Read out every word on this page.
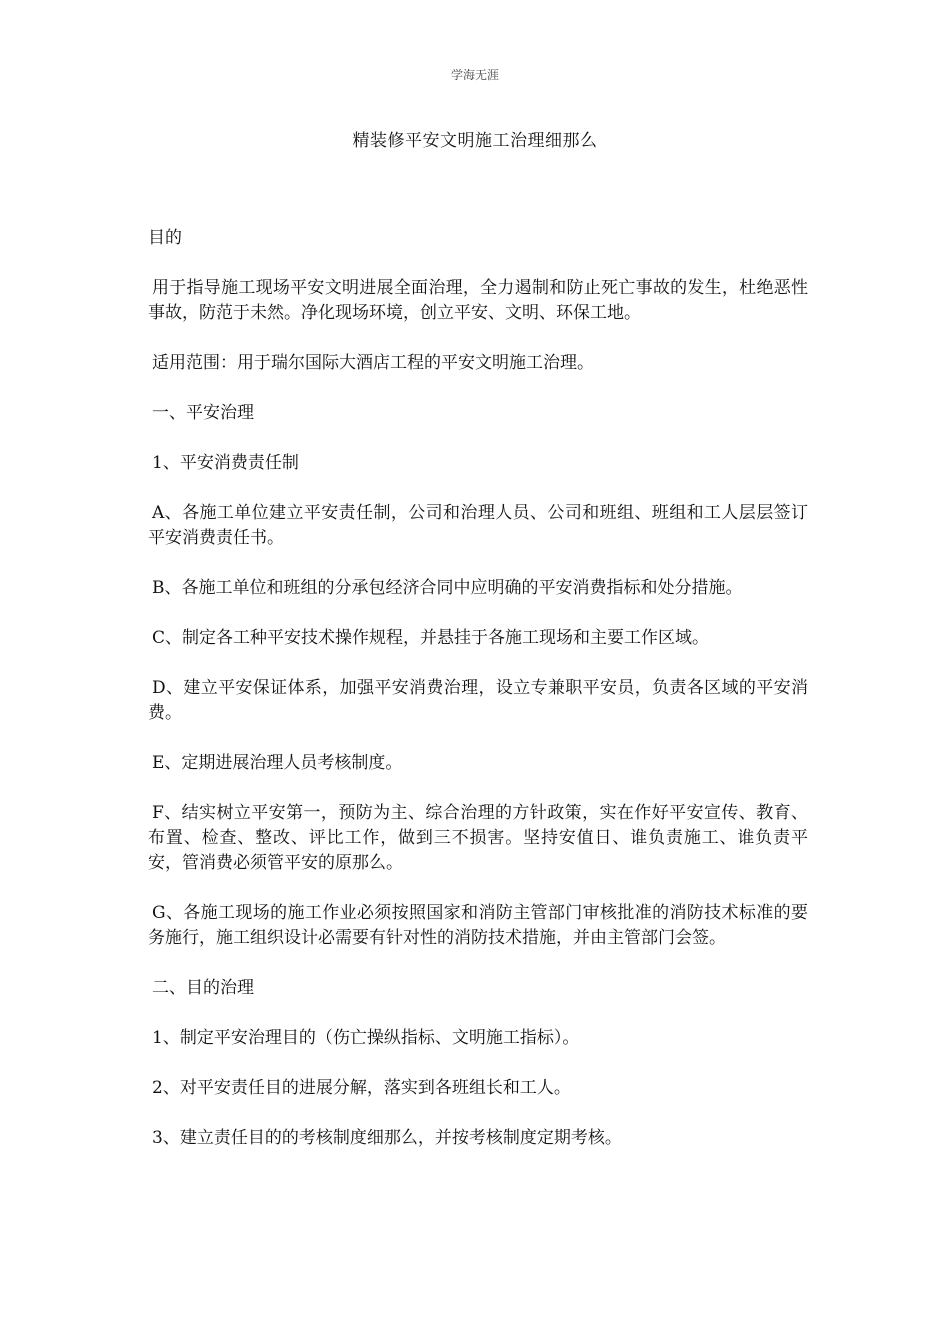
学海无涯
精装修平安文明施工治理细那么

目的

用于指导施工现场平安文明进展全面治理，全力遏制和防止死亡事故的发生，杜绝恶性事故，防范于未然。净化现场环境，创立平安、文明、环保工地。

适用范围：用于瑞尔国际大酒店工程的平安文明施工治理。

一、平安治理

1、平安消费责任制

A、各施工单位建立平安责任制，公司和治理人员、公司和班组、班组和工人层层签订平安消费责任书。

B、各施工单位和班组的分承包经济合同中应明确的平安消费指标和处分措施。

C、制定各工种平安技术操作规程，并悬挂于各施工现场和主要工作区域。

D、建立平安保证体系，加强平安消费治理，设立专兼职平安员，负责各区域的平安消费。

E、定期进展治理人员考核制度。

F、结实树立平安第一，预防为主、综合治理的方针政策，实在作好平安宣传、教育、布置、检查、整改、评比工作，做到三不损害。坚持安值日、谁负责施工、谁负责平安，管消费必须管平安的原那么。

G、各施工现场的施工作业必须按照国家和消防主管部门审核批准的消防技术标准的要务施行，施工组织设计必需要有针对性的消防技术措施，并由主管部门会签。

二、目的治理

1、制定平安治理目的（伤亡操纵指标、文明施工指标）。

2、对平安责任目的进展分解，落实到各班组长和工人。

3、建立责任目的的考核制度细那么，并按考核制度定期考核。
